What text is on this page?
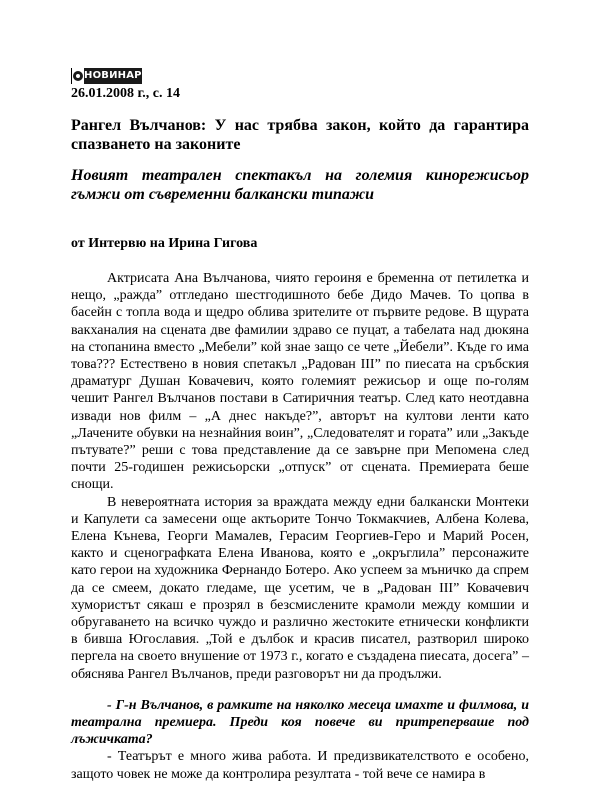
НОВИНАР
26.01.2008 г., с. 14
Рангел Вълчанов: У нас трябва закон, който да гарантира спазването на законите
Новият театрален спектакъл на големия кинорежисьор гъмжи от съвременни балкански типажи
от Интервю на Ирина Гигова

Актрисата Ана Вълчанова, чиято героиня е бременна от петилетка и нещо, „ражда” отгледано шестгодишното бебе Дидо Мачев. То цопва в басейн с топла вода и щедро облива зрителите от първите редове. В щурата вакханалия на сцената две фамилии здраво се пуцат, а табелата над дюкяна на стопанина вместо „Мебели” кой знае защо се чете „Йебели”. Къде го има това??? Естествено в новия спетакъл „Радован III” по пиесата на сръбския драматург Душан Ковачевич, която големият режисьор и още по-голям чешит Рангел Вълчанов постави в Сатиричния театър. След като неотдавна извади нов филм – „А днес накъде?”, авторът на култови ленти като „Лачените обувки на незнайния воин”, „Следователят и гората” или „Закъде пътувате?” реши с това представление да се завърне при Мепомена след почти 25-годишен режисьорски „отпуск” от сцената. Премиерата беше снощи.

В невероятната история за враждата между едни балкански Монтеки и Капулети са замесени още актьорите Тончо Токмакчиев, Албена Колева, Елена Кънева, Георги Мамалев, Герасим Георгиев-Геро и Марий Росен, както и сценографката Елена Иванова, която е „окръглила” персонажите като герои на художника Фернандо Ботеро. Ако успеем за мъничко да спрем да се смеем, докато гледаме, ще усетим, че в „Радован III” Ковачевич хумористът сякаш е прозрял в безсмислените крамоли между комшии и обругаването на всичко чуждо и различно жестоките етнически конфликти в бивша Югославия. „Той е дълбок и красив писател, разтворил широко пергела на своето внушение от 1973 г., когато е създадена пиесата, досега” – обяснява Рангел Вълчанов, преди разговорът ни да продължи.

- Г-н Вълчанов, в рамките на няколко месеца имахте и филмова, и театрална премиера. Преди коя повече ви притреперваше под лъжичката?

- Театърът е много жива работа. И предизвикателството е особено, защото човек не може да контролира резултата - той вече се намира в
